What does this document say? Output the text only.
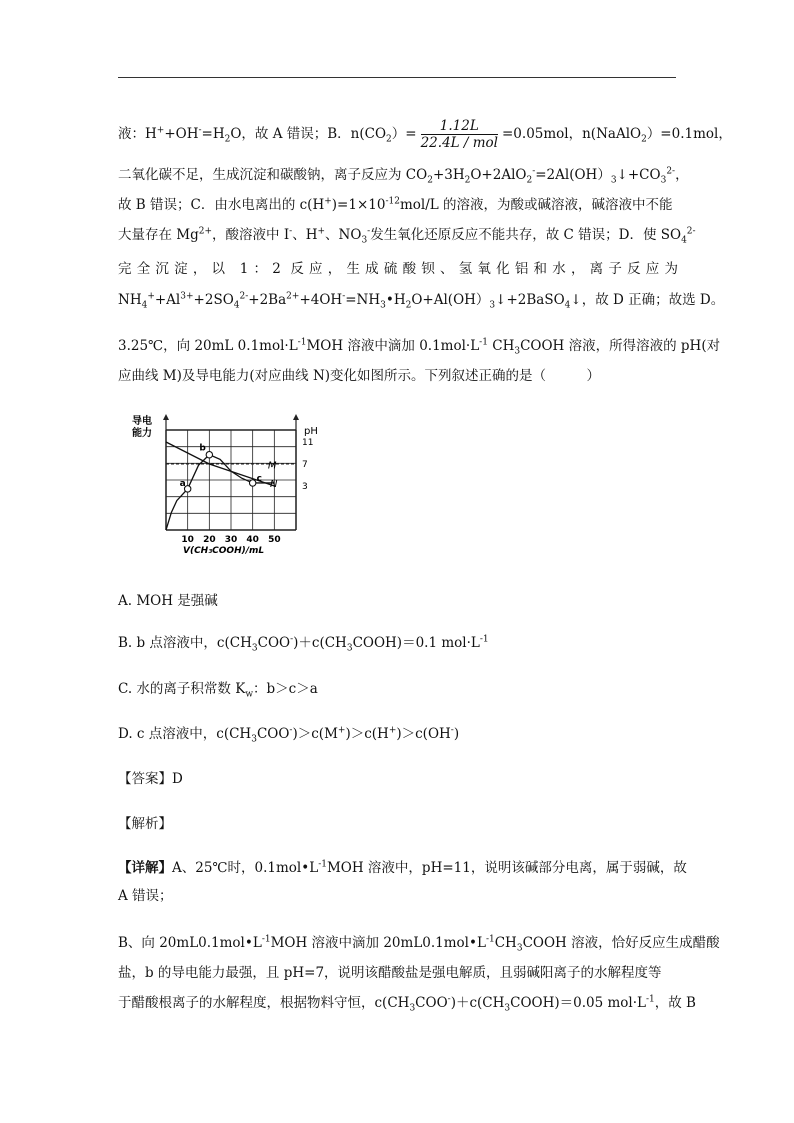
液：$H^++OH^-=H_2O$，故 A 错误；B．$n(CO_2)= \frac{1.12L}{\text{22.4L / mol}} =0.05mol$，n(NaAlO$_2$）=0.1mol，
二氧化碳不足，生成沉淀和碳酸钠，离子反应为 $CO_2+3H_2O+2AlO_2^-=2Al(OH)_3↓+CO_3^{2-}$，
故 B 错误；C．由水电离出的 $c(H^+)=1\times 10^{-12}mol/L$ 的溶液，为酸或碱溶液，碱溶液中不能
大量存在 $Mg^{2+}$，酸溶液中 I-、H+、$NO_3^-$发生氧化还原反应不能共存，故 C 错误；D．使 $SO_4^{2-}$
完全沉淀，以 1：2 反应，生成硫酸钡、氢氧化铝和水，离子反应为
$NH_4^++Al^{3+}+2SO_4^{2-}+2Ba^{2+}+4OH^-=NH_3•H_2O+Al(OH)_3↓+2BaSO_4↓$，故 D 正确；故选 D。
3.25℃，向 20mL $0.1mol\cdot L^{-1}MOH$ 溶液中滴加 $0.1mol\cdot L^{-1}$ $CH_3COOH$ 溶液，所得溶液的 pH(对
应曲线 M)及导电能力(对应曲线 N)变化如图所示。下列叙述正确的是（　　　）
导电
能力	pH
10 20 30 40 50
11
7
3
M
N
a
b
c
V(CH₃COOH)/mL
A. MOH 是强碱
B. b 点溶液中，$c(CH_3COO^-)+c(CH_3COOH)=0.1$ $mol\cdot L^{-1}$
C. 水的离子积常数 $K_w$：b＞c＞a
D. c 点溶液中，$c(CH_3COO^-)>c(M^+)>c(H^+)>c(OH^-)$
【答案】D
【解析】
【详解】A、25℃时，$0.1mol•L^{-1}MOH$ 溶液中，pH=11，说明该碱部分电离，属于弱碱，故
A 错误；
B、向 $20mL0.1mol•L^{-1}MOH$ 溶液中滴加 $20mL0.1mol•L^{-1}CH_3COOH$ 溶液，恰好反应生成醋酸
盐，b 的导电能力最强，且 pH=7，说明该醋酸盐是强电解质，且弱碱阳离子的水解程度等
于醋酸根离子的水解程度，根据物料守恒，$c(CH_3COO^-)+c(CH_3COOH)=0.05$ $mol\cdot L^{-1}$，故 B
